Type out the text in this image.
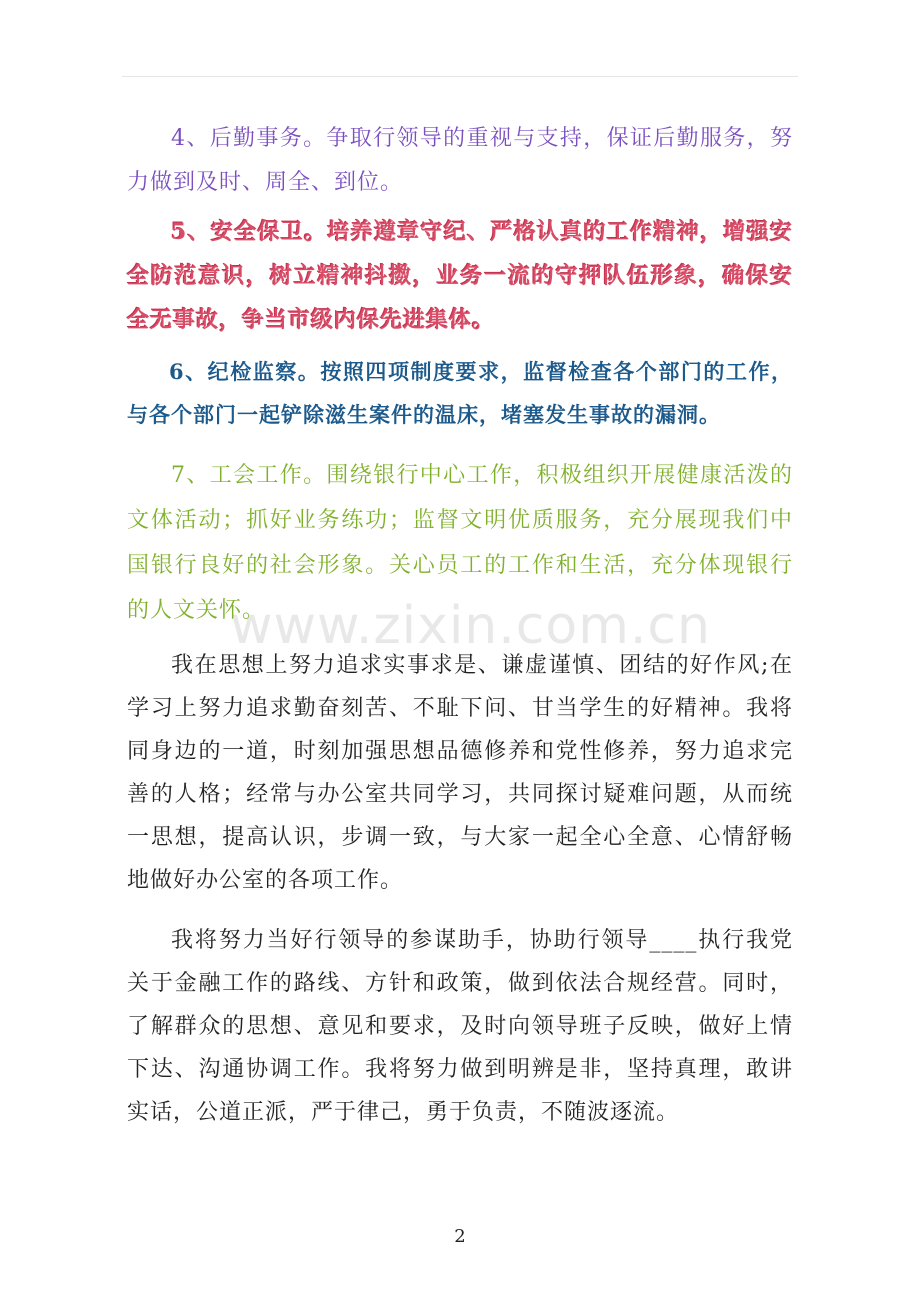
4、后勤事务。争取行领导的重视与支持，保证后勤服务，努力做到及时、周全、到位。

5、安全保卫。培养遵章守纪、严格认真的工作精神，增强安全防范意识，树立精神抖擞，业务一流的守押队伍形象，确保安全无事故，争当市级内保先进集体。

6、纪检监察。按照四项制度要求，监督检查各个部门的工作，与各个部门一起铲除滋生案件的温床，堵塞发生事故的漏洞。

7、工会工作。围绕银行中心工作，积极组织开展健康活泼的文体活动；抓好业务练功；监督文明优质服务，充分展现我们中国银行良好的社会形象。关心员工的工作和生活，充分体现银行的人文关怀。

www.zixin.com.cn

我在思想上努力追求实事求是、谦虚谨慎、团结的好作风;在学习上努力追求勤奋刻苦、不耻下问、甘当学生的好精神。我将同身边的一道，时刻加强思想品德修养和党性修养，努力追求完善的人格；经常与办公室共同学习，共同探讨疑难问题，从而统一思想，提高认识，步调一致，与大家一起全心全意、心情舒畅地做好办公室的各项工作。

我将努力当好行领导的参谋助手，协助行领导____执行我党关于金融工作的路线、方针和政策，做到依法合规经营。同时，了解群众的思想、意见和要求，及时向领导班子反映，做好上情下达、沟通协调工作。我将努力做到明辨是非，坚持真理，敢讲实话，公道正派，严于律己，勇于负责，不随波逐流。

2
